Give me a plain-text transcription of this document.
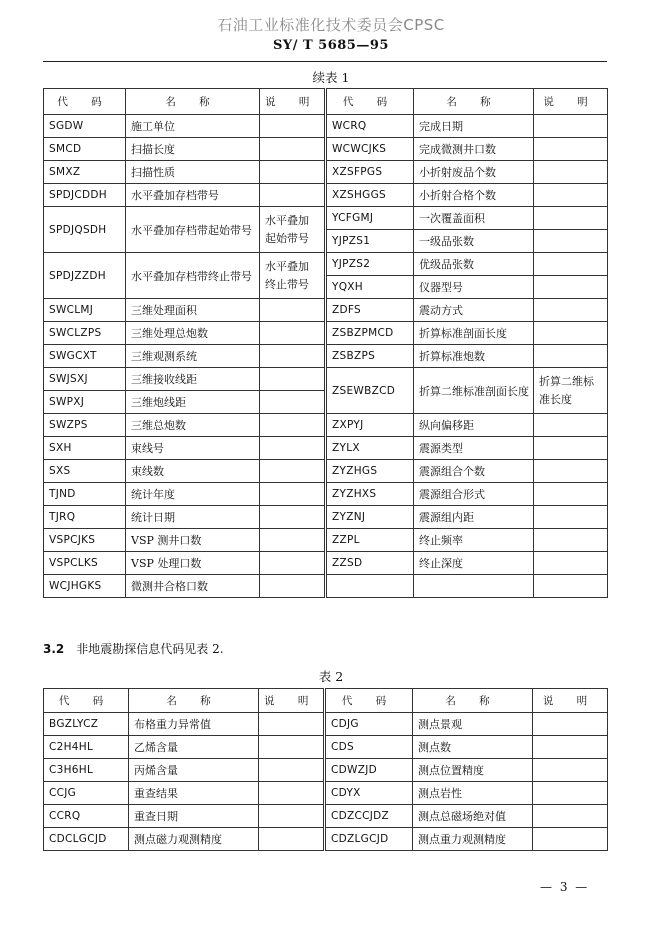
石油工业标准化技术委员会CPSC
SY/ T 5685—95
续表 1
代 码	名 称	说 明	代 码	名 称	说 明
SGDW	施工单位		WCRQ	完成日期	
SMCD	扫描长度		WCWCJKS	完成微测井口数	
SMXZ	扫描性质		XZSFPGS	小折射废品个数	
SPDJCDDH	水平叠加存档带号		XZSHGGS	小折射合格个数	
SPDJQSDH	水平叠加存档带起始带号	水平叠加起始带号	YCFGMJ	一次覆盖面积	
			YJPZS1	一级品张数	
SPDJZZDH	水平叠加存档带终止带号	水平叠加终止带号	YJPZS2	优级品张数	
			YQXH	仪器型号	
SWCLMJ	三维处理面积		ZDFS	震动方式	
SWCLZPS	三维处理总炮数		ZSBZPMCD	折算标准剖面长度	
SWGCXT	三维观测系统		ZSBZPS	折算标准炮数	
SWJSXJ	三维接收线距		ZSEWBZCD	折算二维标准剖面长度	折算二维标准长度
SWPXJ	三维炮线距				
SWZPS	三维总炮数		ZXPYJ	纵向偏移距	
SXH	束线号		ZYLX	震源类型	
SXS	束线数		ZYZHGS	震源组合个数	
TJND	统计年度		ZYZHXS	震源组合形式	
TJRQ	统计日期		ZYZNJ	震源组内距	
VSPCJKS	VSP 测井口数		ZZPL	终止频率	
VSPCLKS	VSP 处理口数		ZZSD	终止深度	
WCJHGKS	微测井合格口数				
3.2 非地震勘探信息代码见表 2.
表 2
代 码	名 称	说 明	代 码	名 称	说 明
BGZLYCZ	布格重力异常值		CDJG	测点景观	
C2H4HL	乙烯含量		CDS	测点数	
C3H6HL	丙烯含量		CDWZJD	测点位置精度	
CCJG	重查结果		CDYX	测点岩性	
CCRQ	重查日期		CDZCCJDZ	测点总磁场绝对值	
CDCLGCJD	测点磁力观测精度		CDZLGCJD	测点重力观测精度	
— 3 —
